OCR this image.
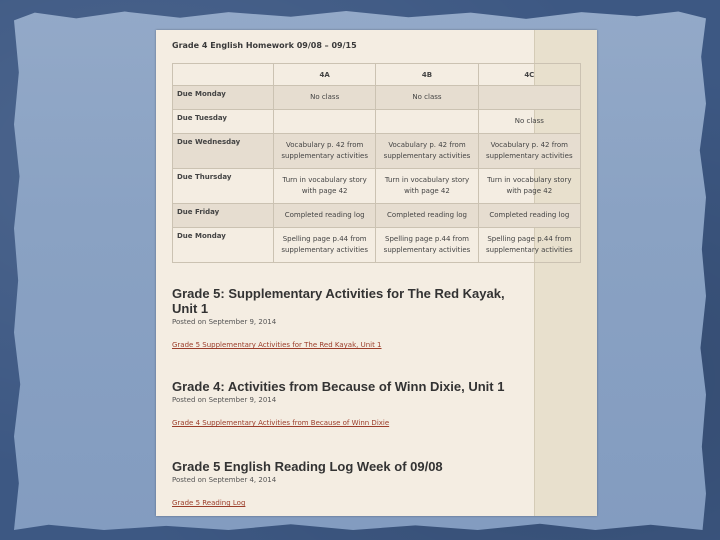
Grade 4 English Homework 09/08 – 09/15
	4A	4B	4C
Due Monday	No class	No class	
Due Tuesday			No class
Due Wednesday	Vocabulary p. 42 from supplementary activities	Vocabulary p. 42 from supplementary activities	Vocabulary p. 42 from supplementary activities
Due Thursday	Turn in vocabulary story with page 42	Turn in vocabulary story with page 42	Turn in vocabulary story with page 42
Due Friday	Completed reading log	Completed reading log	Completed reading log
Due Monday	Spelling page p.44 from supplementary activities	Spelling page p.44 from supplementary activities	Spelling page p.44 from supplementary activities
Grade 5: Supplementary Activities for The Red Kayak, Unit 1
Posted on September 9, 2014
Grade 5 Supplementary Activities for The Red Kayak, Unit 1
Grade 4: Activities from Because of Winn Dixie, Unit 1
Posted on September 9, 2014
Grade 4 Supplementary Activities from Because of Winn Dixie
Grade 5 English Reading Log Week of 09/08
Posted on September 4, 2014
Grade 5 Reading Log
